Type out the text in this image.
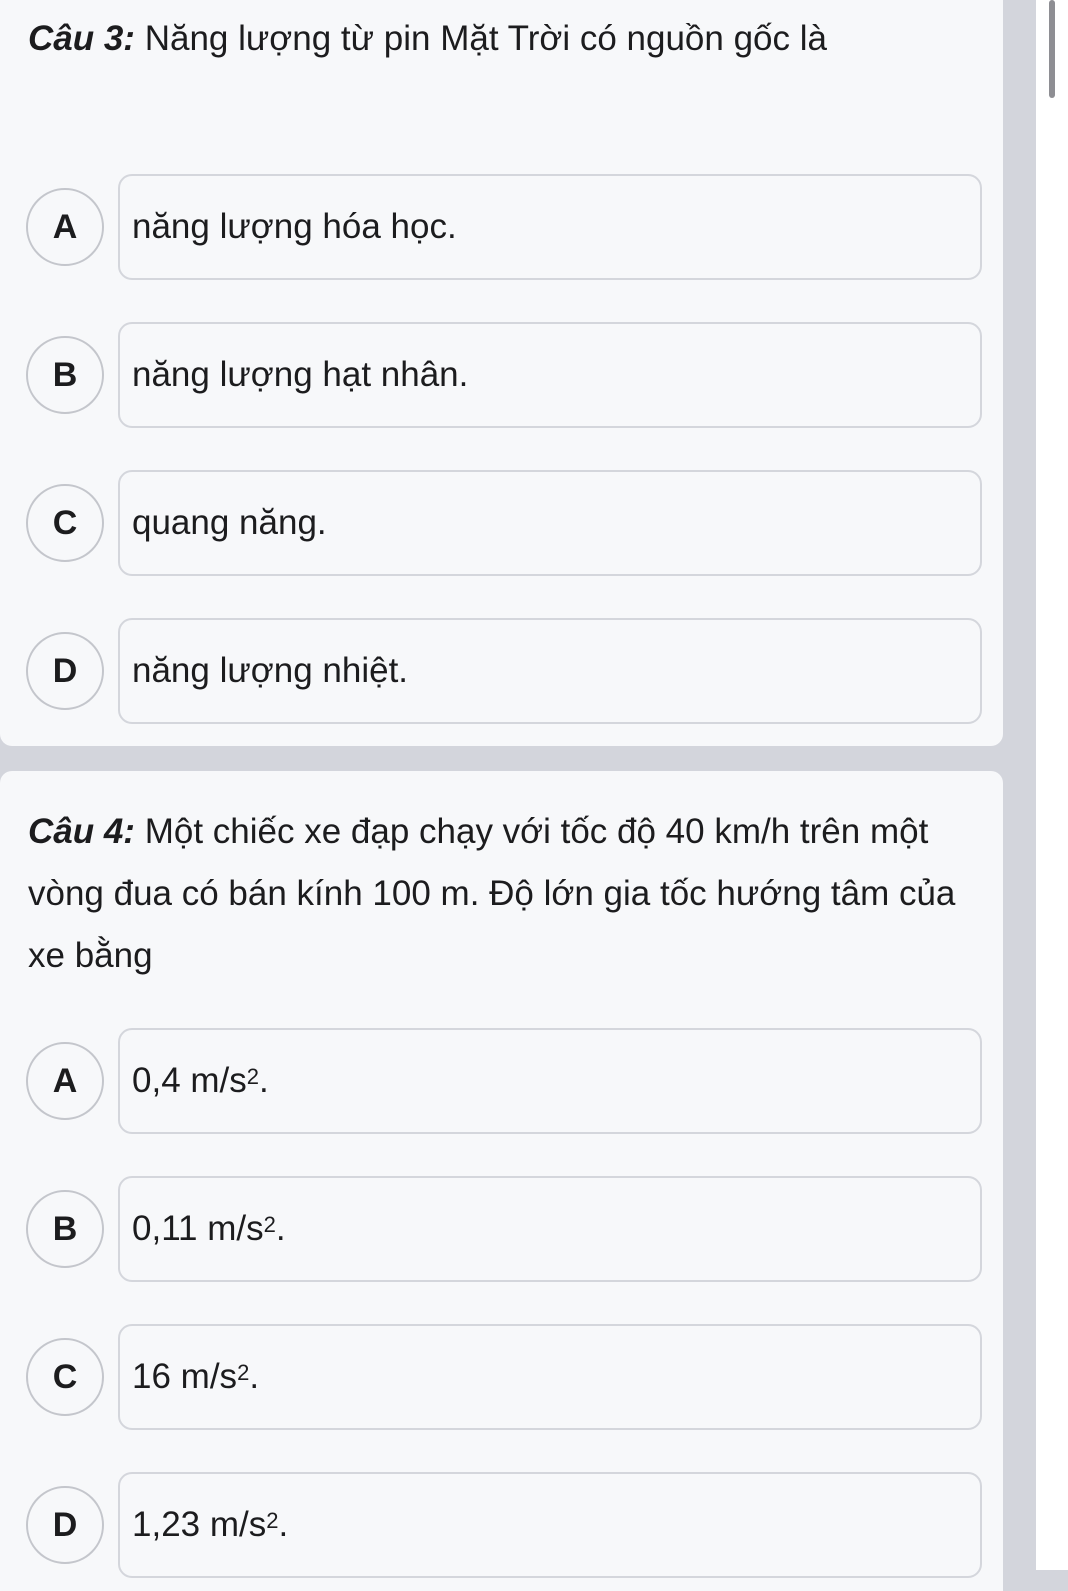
Câu 3: Năng lượng từ pin Mặt Trời có nguồn gốc là

A	năng lượng hóa học.
B	năng lượng hạt nhân.
C	quang năng.
D	năng lượng nhiệt.

Câu 4: Một chiếc xe đạp chạy với tốc độ 40 km/h trên một vòng đua có bán kính 100 m. Độ lớn gia tốc hướng tâm của xe bằng

A	0,4
$m/s^2$ .
B	0,11
$m/s^2$ .
C	16
$m/s^2$ .
D	1,23
$m/s^2$ .
